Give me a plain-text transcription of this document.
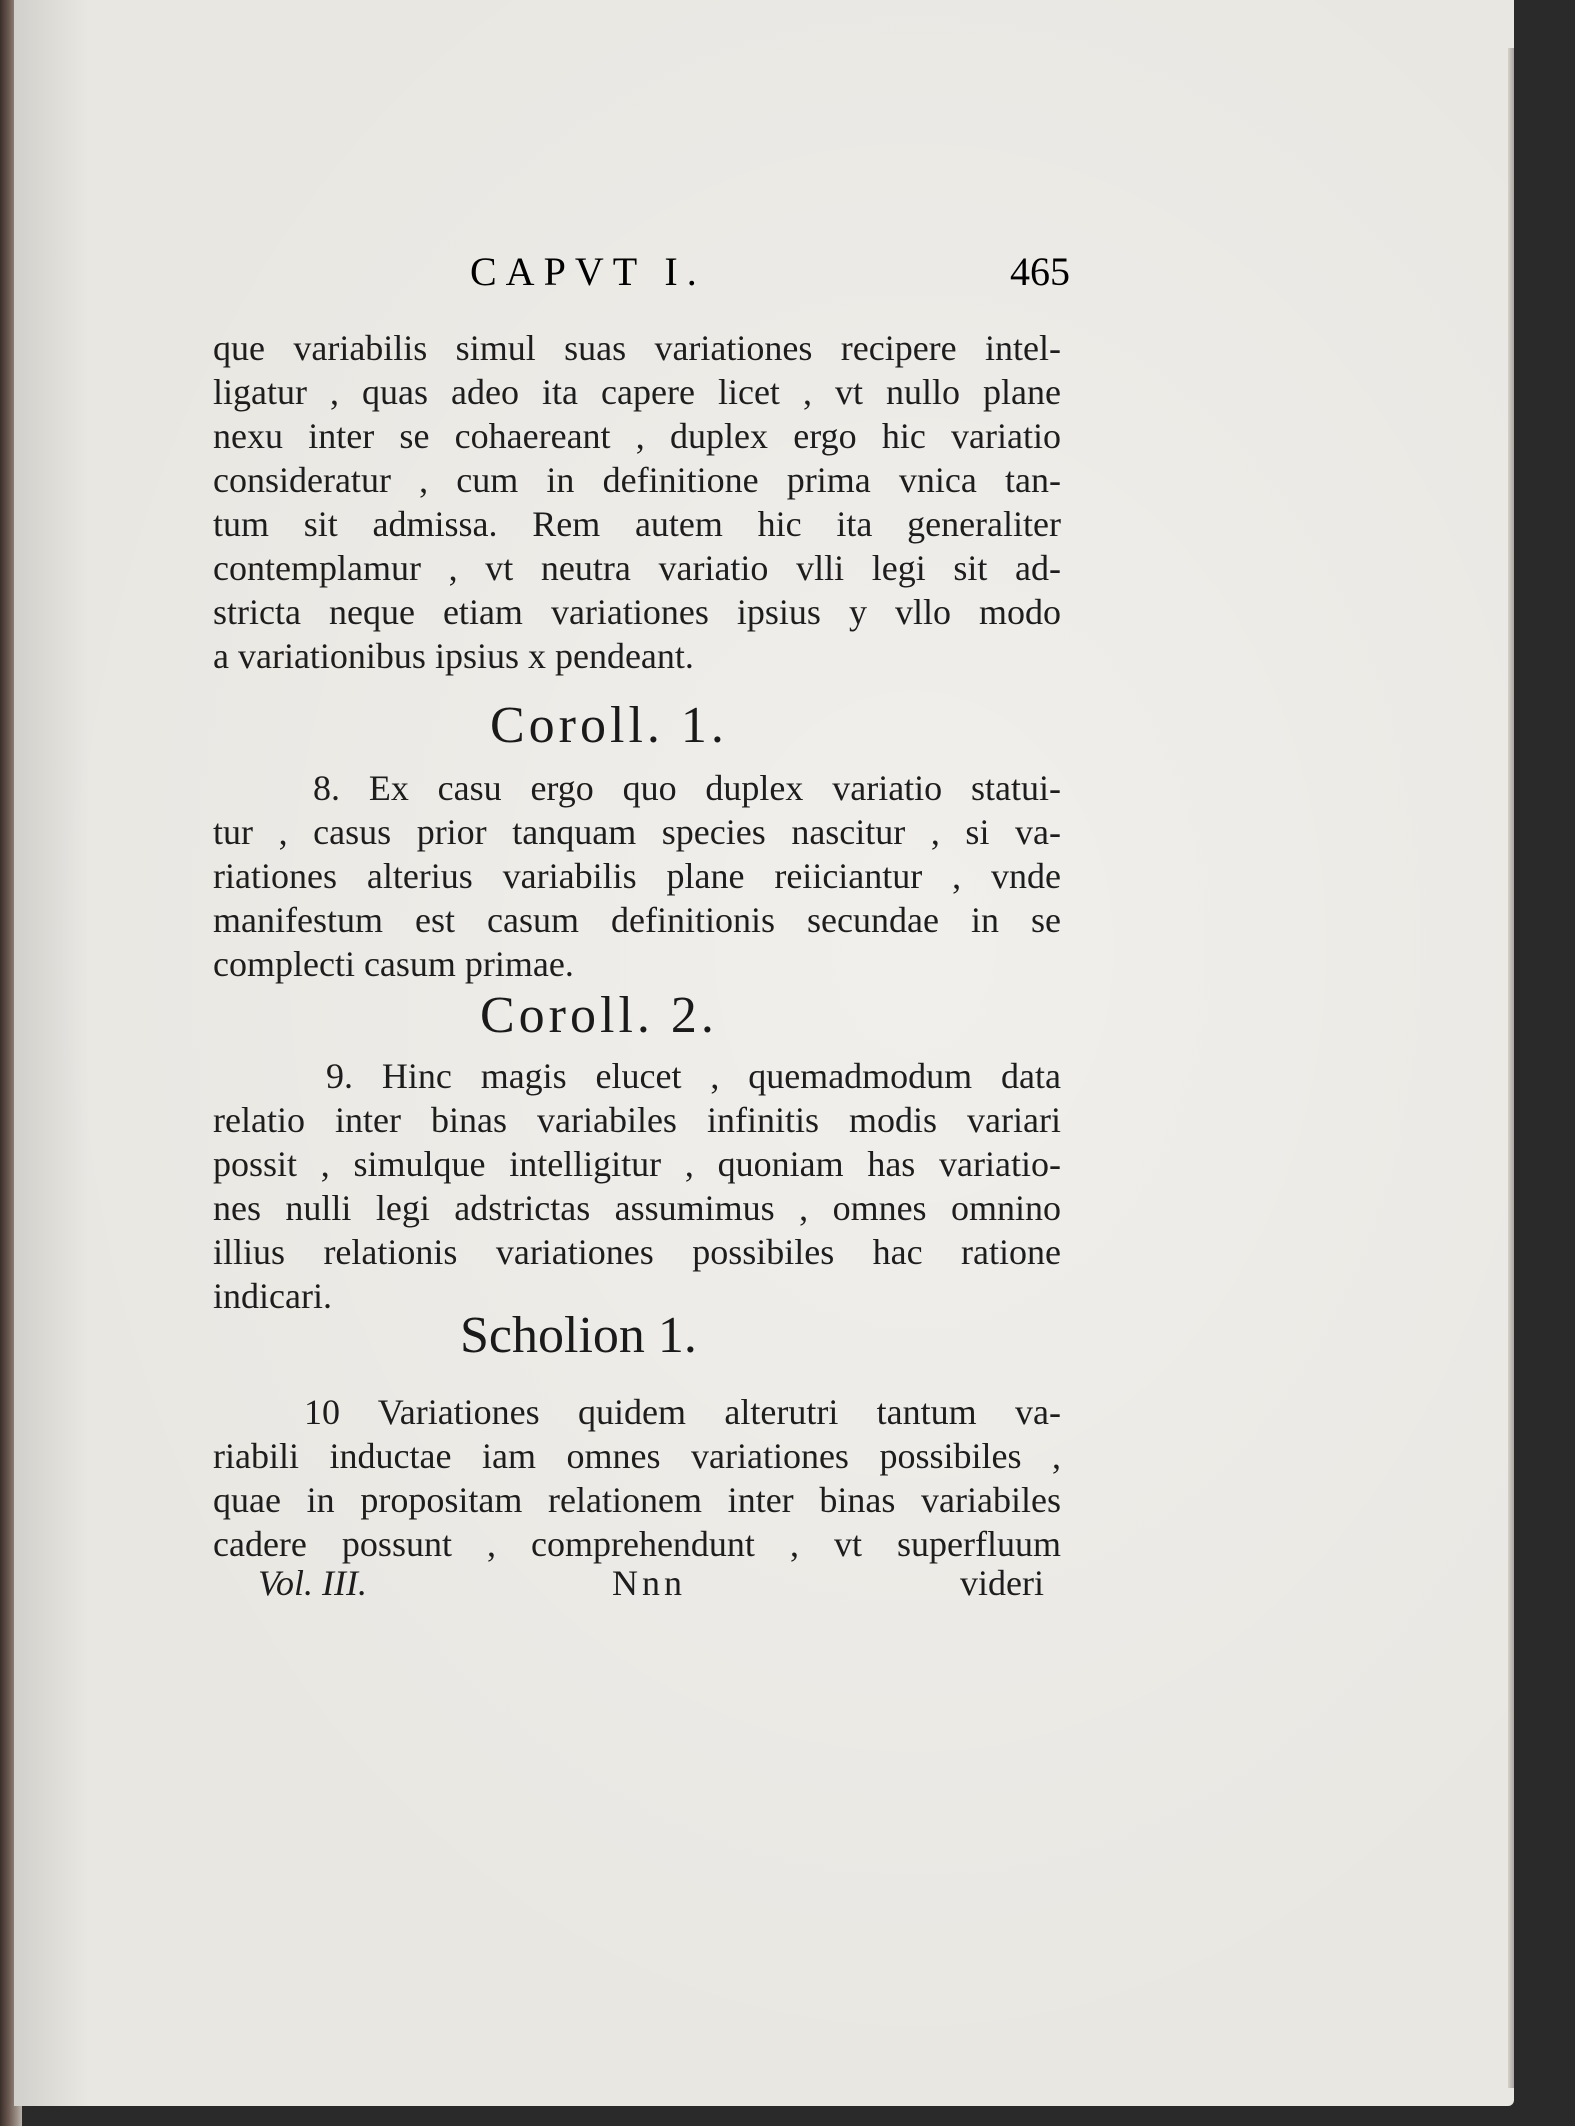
CAPVT I.	465
que variabilis simul suas variationes recipere intel-
ligatur , quas adeo ita capere licet , vt nullo plane
nexu inter se cohaereant , duplex ergo hic variatio
consideratur , cum in definitione prima vnica tan-
tum sit admissa. Rem autem hic ita generaliter
contemplamur , vt neutra variatio vlli legi sit ad-
stricta neque etiam variationes ipsius y vllo modo
a variationibus ipsius x pendeant.
Coroll. 1.
8. Ex casu ergo quo duplex variatio statui-
tur , casus prior tanquam species nascitur , si va-
riationes alterius variabilis plane reiiciantur , vnde
manifestum est casum definitionis secundae in se
complecti casum primae.
Coroll. 2.
9. Hinc magis elucet , quemadmodum data
relatio inter binas variabiles infinitis modis variari
possit , simulque intelligitur , quoniam has variatio-
nes nulli legi adstrictas assumimus , omnes omnino
illius relationis variationes possibiles hac ratione
indicari.
Scholion 1.
10 Variationes quidem alterutri tantum va-
riabili inductae iam omnes variationes possibiles ,
quae in propositam relationem inter binas variabiles
cadere possunt , comprehendunt , vt superfluum
Vol. III.	Nnn	videri
